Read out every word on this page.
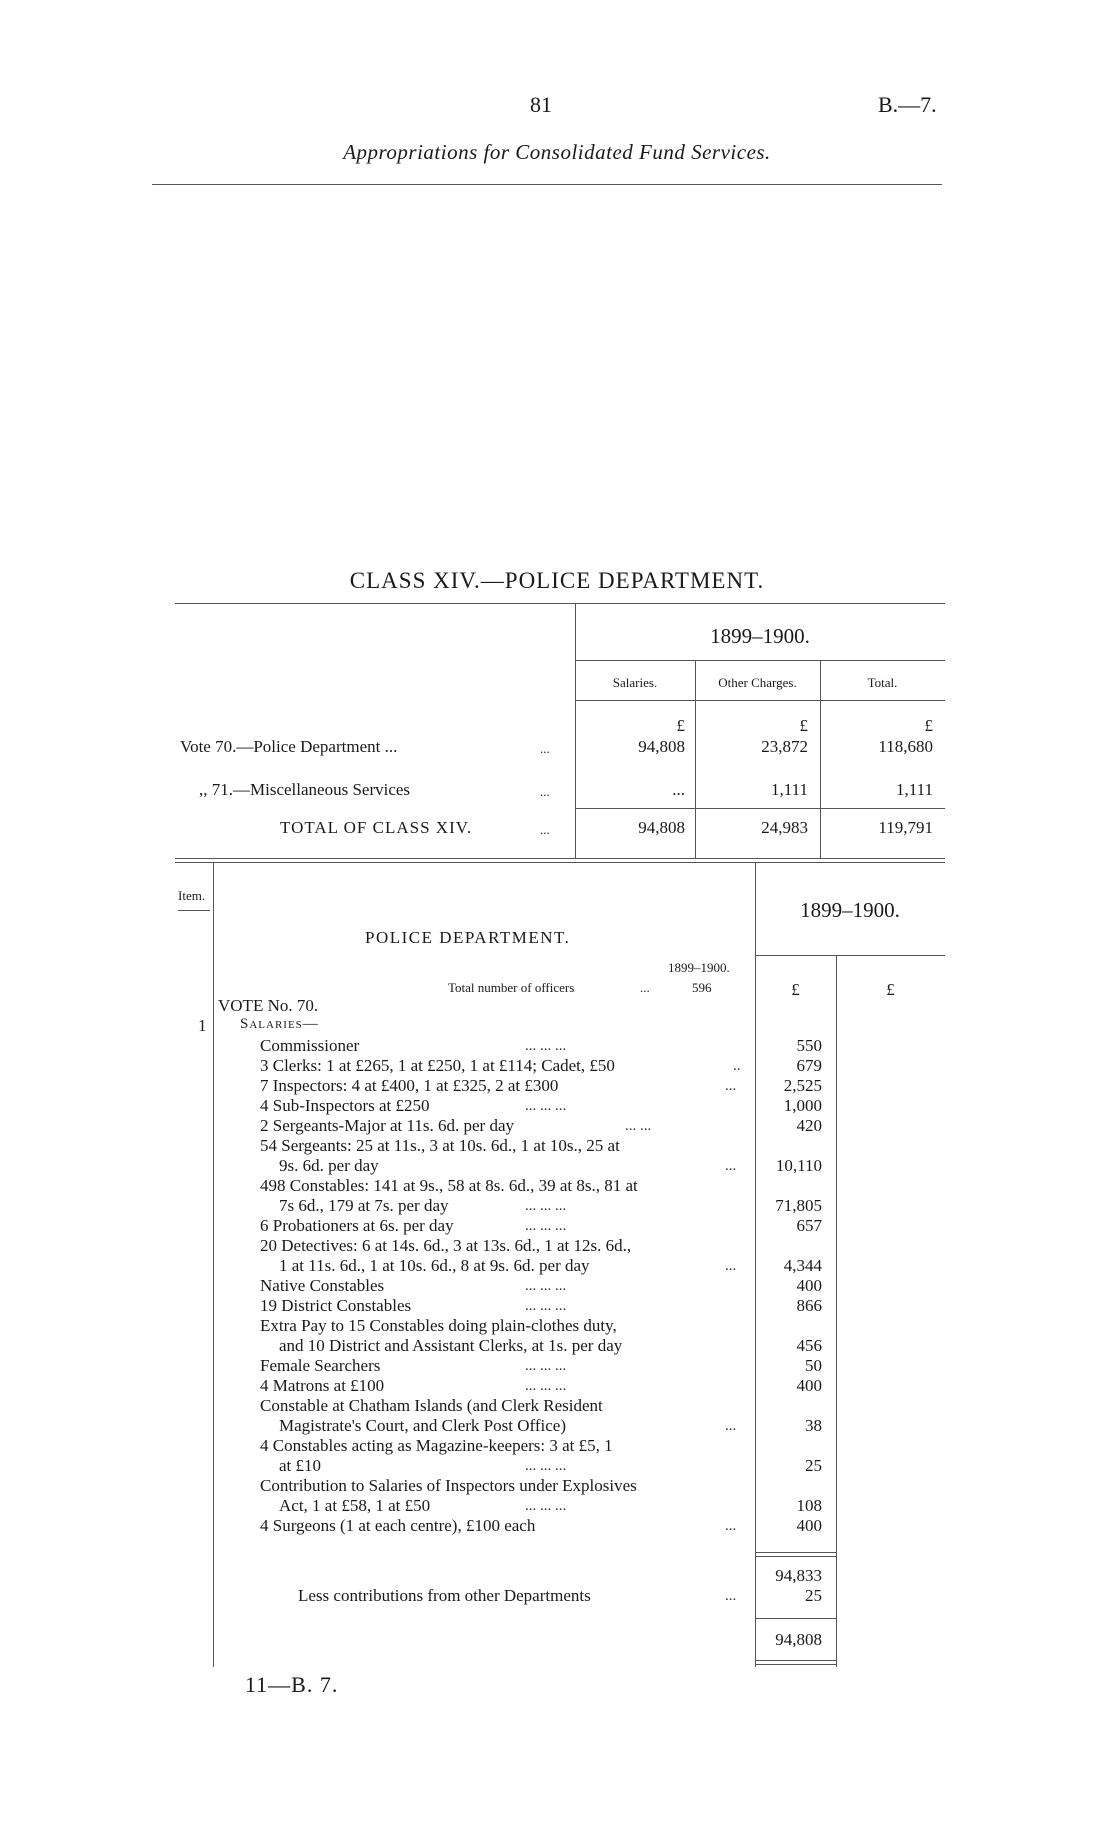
81	B.—7.
Appropriations for Consolidated Fund Services.
CLASS XIV.—POLICE DEPARTMENT.
1899–1900.
Salaries.	Other Charges.	Total.
£	£	£
Vote 70.—Police Department ...	...	94,808	23,872	118,680
,, 71.—Miscellaneous Services	...	...	1,111	1,111
TOTAL OF CLASS XIV.	...	94,808	24,983	119,791
Item.
1899–1900.
POLICE DEPARTMENT.
1899–1900.
Total number of officers	...	596	£	£
VOTE No. 70.
1 Salaries—
Commissioner	... ... ...	550
3 Clerks: 1 at £265, 1 at £250, 1 at £114; Cadet, £50	..	679
7 Inspectors: 4 at £400, 1 at £325, 2 at £300	...	2,525
4 Sub-Inspectors at £250	... ... ...	1,000
2 Sergeants-Major at 11s. 6d. per day	... ...	420
54 Sergeants: 25 at 11s., 3 at 10s. 6d., 1 at 10s., 25 at
9s. 6d. per day	...	10,110
498 Constables: 141 at 9s., 58 at 8s. 6d., 39 at 8s., 81 at
7s 6d., 179 at 7s. per day	... ... ...	71,805
6 Probationers at 6s. per day	... ... ...	657
20 Detectives: 6 at 14s. 6d., 3 at 13s. 6d., 1 at 12s. 6d.,
1 at 11s. 6d., 1 at 10s. 6d., 8 at 9s. 6d. per day	...	4,344
Native Constables	... ... ...	400
19 District Constables	... ... ...	866
Extra Pay to 15 Constables doing plain-clothes duty,
and 10 District and Assistant Clerks, at 1s. per day	456
Female Searchers	... ... ...	50
4 Matrons at £100	... ... ...	400
Constable at Chatham Islands (and Clerk Resident
Magistrate's Court, and Clerk Post Office)	...	38
4 Constables acting as Magazine-keepers: 3 at £5, 1
at £10	... ... ...	25
Contribution to Salaries of Inspectors under Explosives
Act, 1 at £58, 1 at £50	... ... ...	108
4 Surgeons (1 at each centre), £100 each	...	400
94,833
Less contributions from other Departments	...	25
94,808
11—B. 7.
